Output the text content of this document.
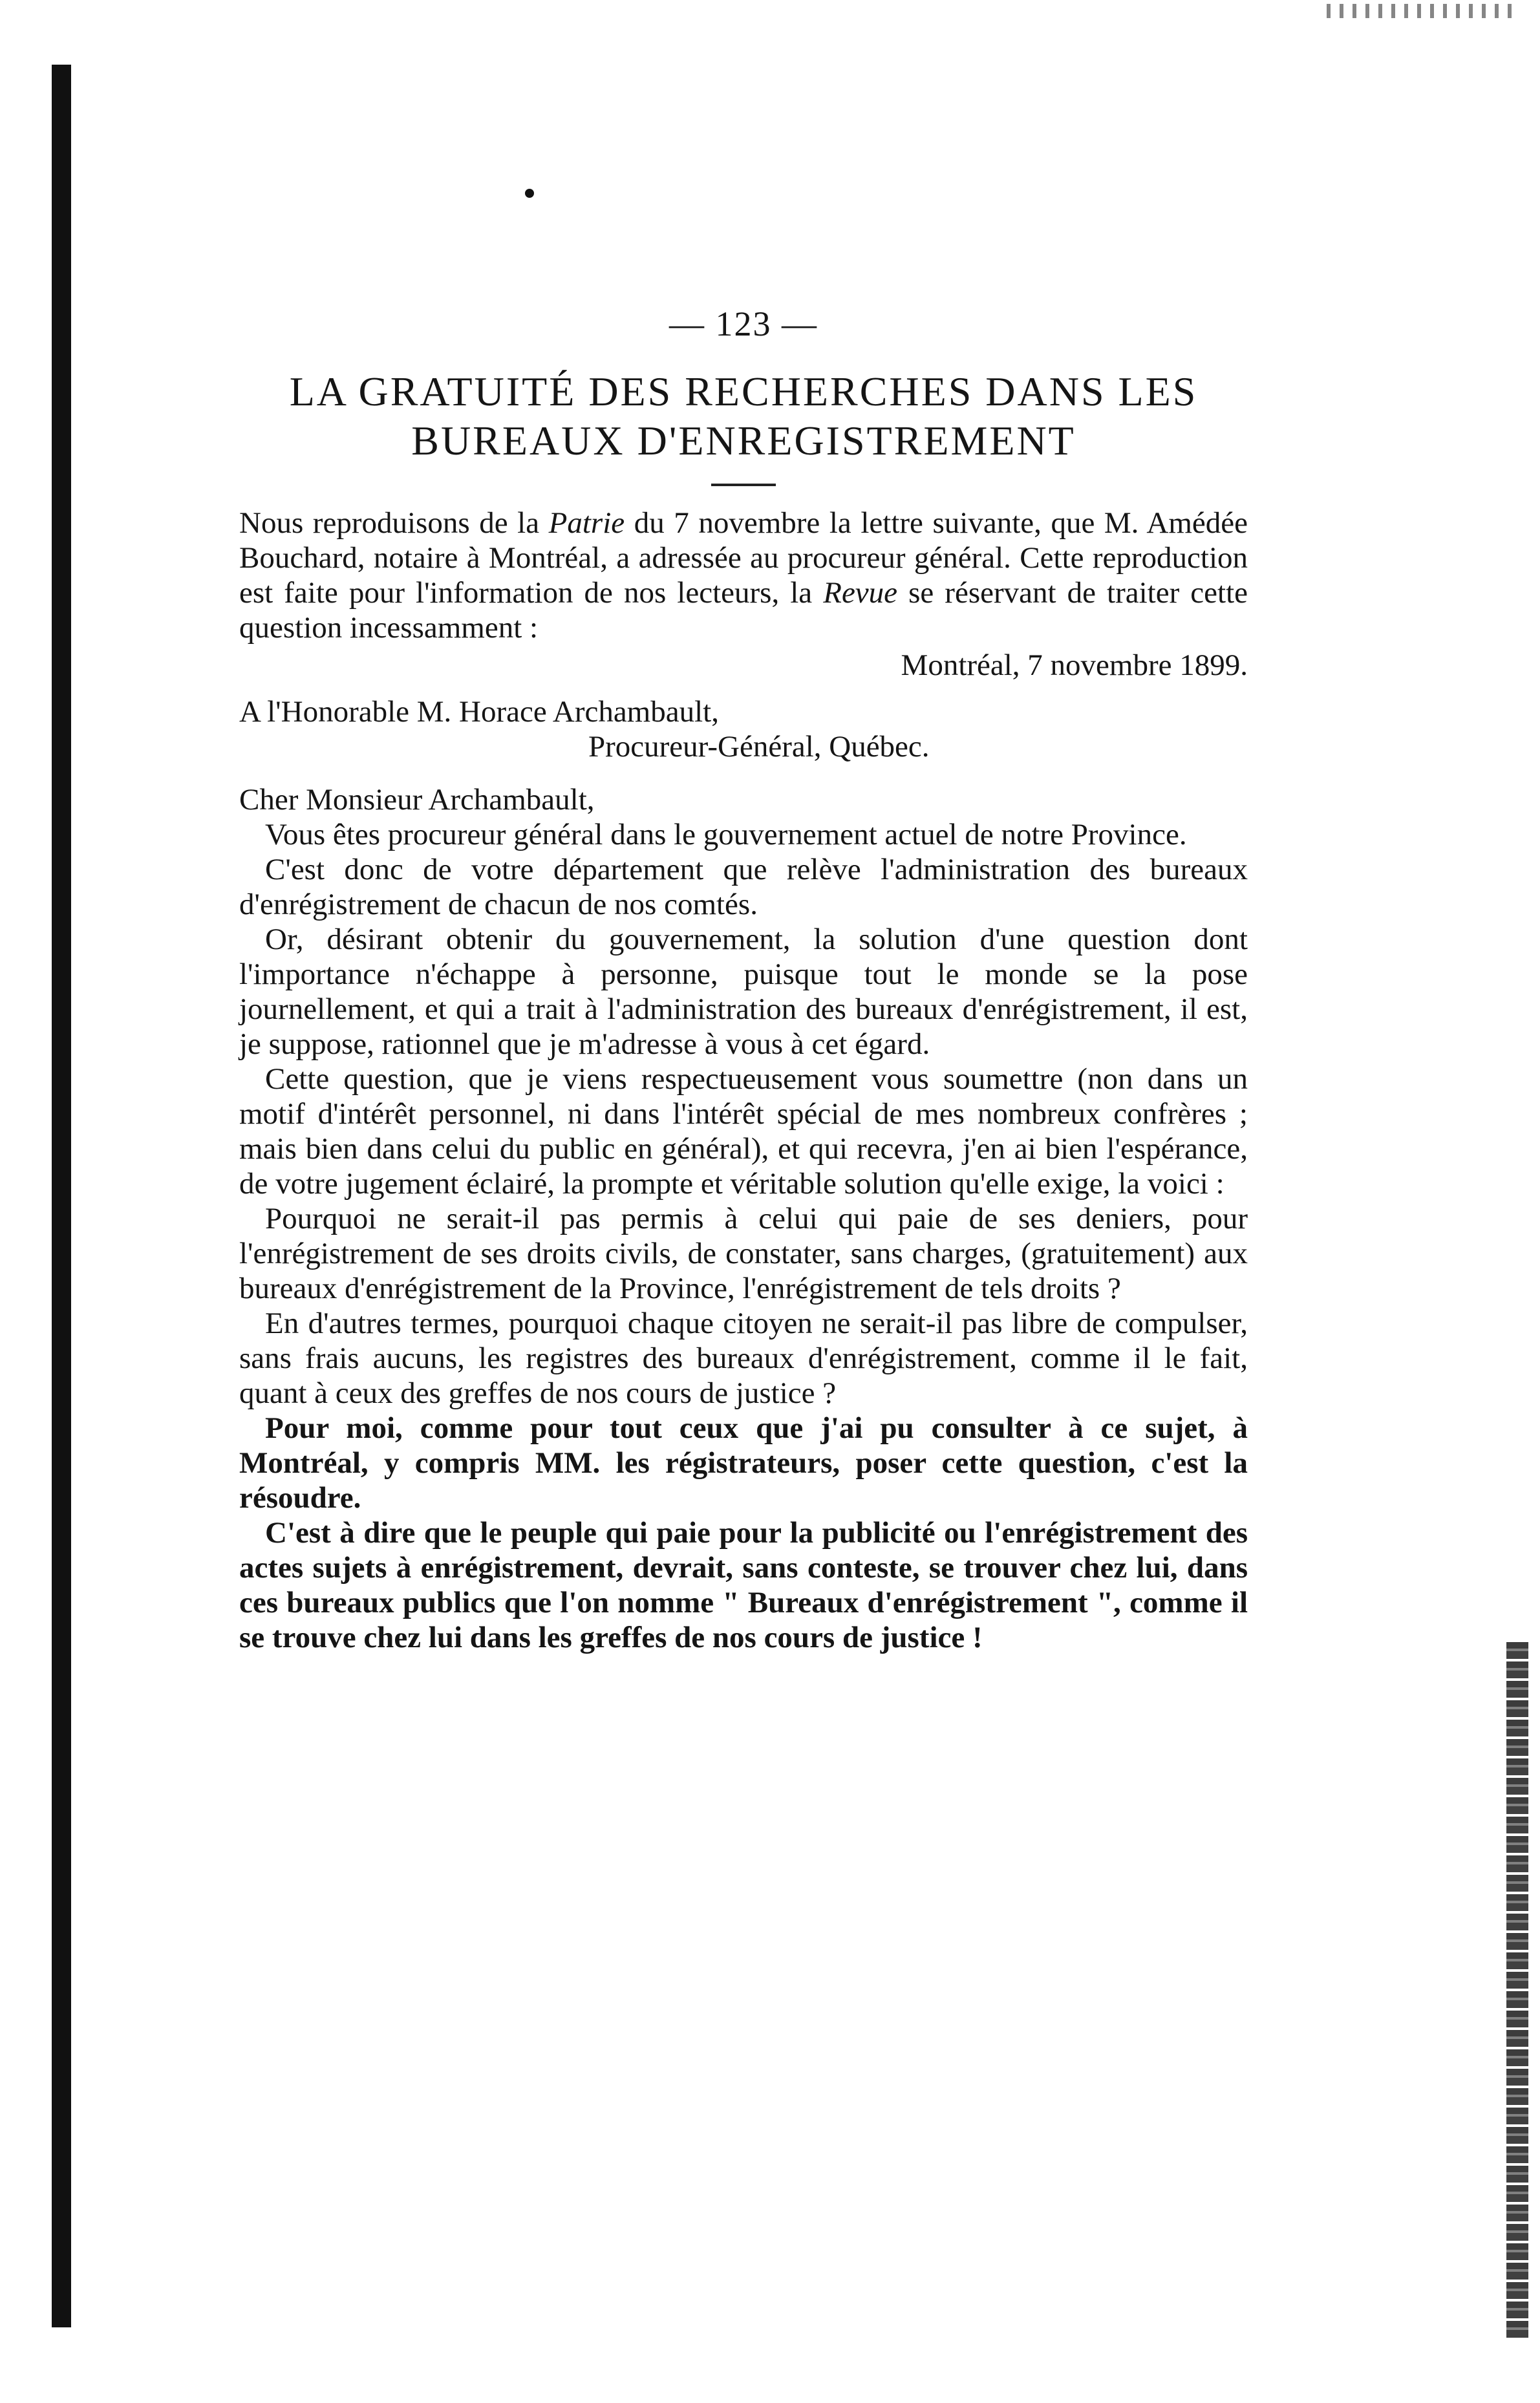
— 123 —
LA GRATUITÉ DES RECHERCHES DANS LES
BUREAUX D'ENREGISTREMENT

Nous reproduisons de la Patrie du 7 novembre la lettre suivante, que M. Amédée Bouchard, notaire à Montréal, a adressée au procureur général. Cette reproduction est faite pour l'information de nos lecteurs, la Revue se réservant de traiter cette question incessamment :

Montréal, 7 novembre 1899.

A l'Honorable M. Horace Archambault,

Procureur-Général, Québec.

Cher Monsieur Archambault,

Vous êtes procureur général dans le gouvernement actuel de notre Province.

C'est donc de votre département que relève l'administration des bureaux d'enrégistrement de chacun de nos comtés.

Or, désirant obtenir du gouvernement, la solution d'une question dont l'importance n'échappe à personne, puisque tout le monde se la pose journellement, et qui a trait à l'administration des bureaux d'enrégistrement, il est, je suppose, rationnel que je m'adresse à vous à cet égard.

Cette question, que je viens respectueusement vous soumettre (non dans un motif d'intérêt personnel, ni dans l'intérêt spécial de mes nombreux confrères ; mais bien dans celui du public en général), et qui recevra, j'en ai bien l'espérance, de votre jugement éclairé, la prompte et véritable solution qu'elle exige, la voici :

Pourquoi ne serait-il pas permis à celui qui paie de ses deniers, pour l'enrégistrement de ses droits civils, de constater, sans charges, (gratuitement) aux bureaux d'enrégistrement de la Province, l'enrégistrement de tels droits ?

En d'autres termes, pourquoi chaque citoyen ne serait-il pas libre de compulser, sans frais aucuns, les registres des bureaux d'enrégistrement, comme il le fait, quant à ceux des greffes de nos cours de justice ?

Pour moi, comme pour tout ceux que j'ai pu consulter à ce sujet, à Montréal, y compris MM. les régistrateurs, poser cette question, c'est la résoudre.

C'est à dire que le peuple qui paie pour la publicité ou l'enrégistrement des actes sujets à enrégistrement, devrait, sans conteste, se trouver chez lui, dans ces bureaux publics que l'on nomme " Bureaux d'enrégistrement ", comme il se trouve chez lui dans les greffes de nos cours de justice !
